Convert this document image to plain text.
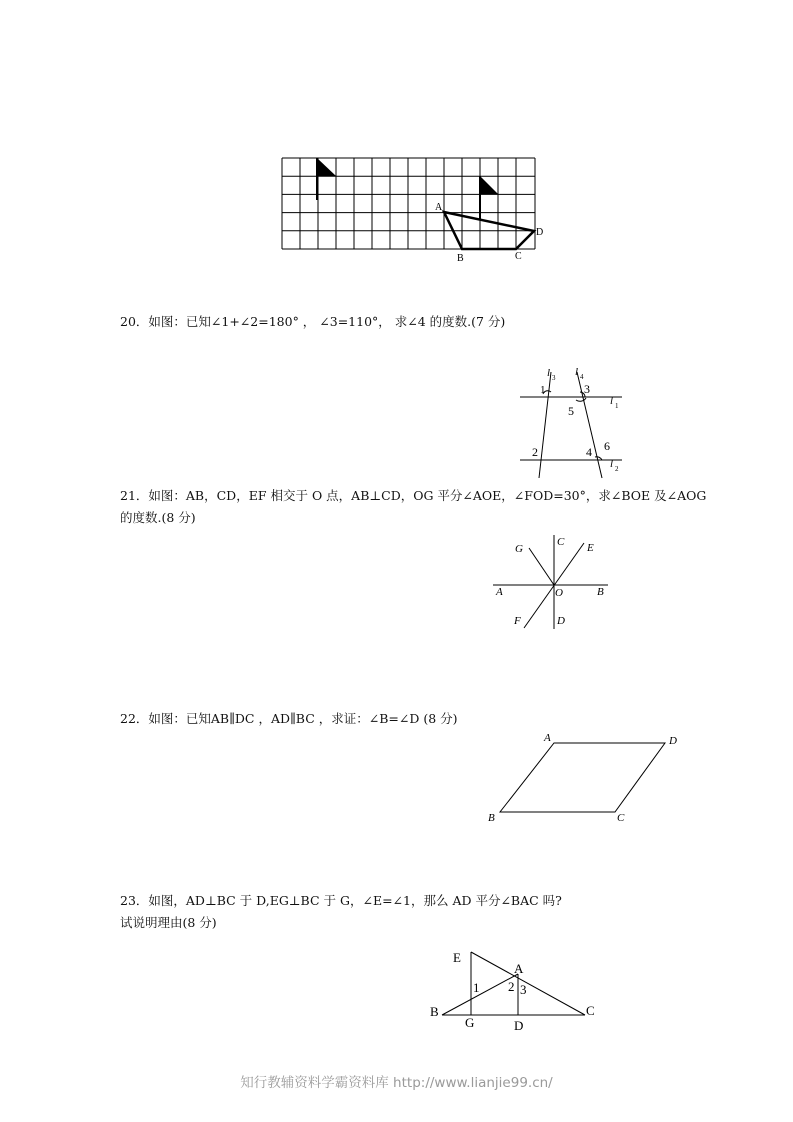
A
B	C
D
20．如图：已知∠1+∠2=180° ， ∠3=110°， 求∠4 的度数.(7 分)
l 3 l 4
l 1
l 2
1	3
5
2	4 6
21．如图：AB，CD，EF 相交于 O 点，AB⊥CD，OG 平分∠AOE，∠FOD=30°，求∠BOE 及∠AOG
的度数.(8 分)
G
C E
A	O	B
F	D
22．如图：已知AB∥DC ，AD∥BC ，求证：∠B=∠D (8 分)
A	D
B	C
23．如图，AD⊥BC 于 D,EG⊥BC 于 G，∠E=∠1，那么 AD 平分∠BAC 吗?
试说明理由(8 分)
E
A
1 2 3
B	C
G	D
知行教辅资料学霸资料库 http://www.lianjie99.cn/
